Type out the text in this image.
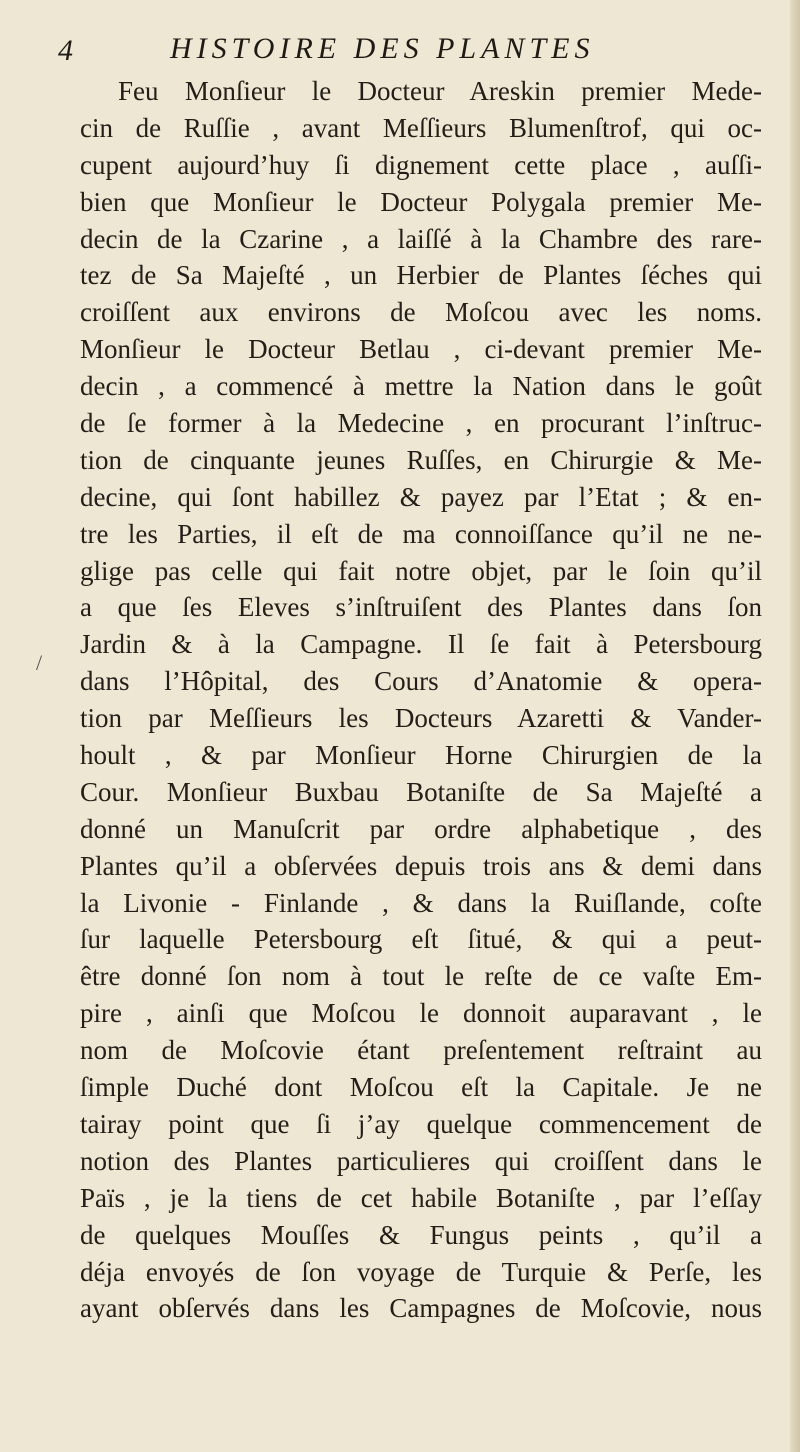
4	HISTOIRE DES PLANTES
/
Feu Monſieur le Docteur Areskin premier Mede-
cin de Ruſſie , avant Meſſieurs Blumenſtrof, qui oc-
cupent aujourd’huy ſi dignement cette place , auſſi-
bien que Monſieur le Docteur Polygala premier Me-
decin de la Czarine , a laiſſé à la Chambre des rare-
tez de Sa Majeſté , un Herbier de Plantes ſéches qui
croiſſent aux environs de Moſcou avec les noms.
Monſieur le Docteur Betlau , ci-devant premier Me-
decin , a commencé à mettre la Nation dans le goût
de ſe former à la Medecine , en procurant l’inſtruc-
tion de cinquante jeunes Ruſſes, en Chirurgie & Me-
decine, qui ſont habillez & payez par l’Etat ; & en-
tre les Parties, il eſt de ma connoiſſance qu’il ne ne-
glige pas celle qui fait notre objet, par le ſoin qu’il
a que ſes Eleves s’inſtruiſent des Plantes dans ſon
Jardin & à la Campagne. Il ſe fait à Petersbourg
dans l’Hôpital, des Cours d’Anatomie & opera-
tion par Meſſieurs les Docteurs Azaretti & Vander-
hoult , & par Monſieur Horne Chirurgien de la
Cour. Monſieur Buxbau Botaniſte de Sa Majeſté a
donné un Manuſcrit par ordre alphabetique , des
Plantes qu’il a obſervées depuis trois ans & demi dans
la Livonie - Finlande , & dans la Ruiſlande, coſte
ſur laquelle Petersbourg eſt ſitué, & qui a peut-
être donné ſon nom à tout le reſte de ce vaſte Em-
pire , ainſi que Moſcou le donnoit auparavant , le
nom de Moſcovie étant preſentement reſtraint au
ſimple Duché dont Moſcou eſt la Capitale. Je ne
tairay point que ſi j’ay quelque commencement de
notion des Plantes particulieres qui croiſſent dans le
Païs , je la tiens de cet habile Botaniſte , par l’eſſay
de quelques Mouſſes & Fungus peints , qu’il a
déja envoyés de ſon voyage de Turquie & Perſe, les
ayant obſervés dans les Campagnes de Moſcovie, nous
